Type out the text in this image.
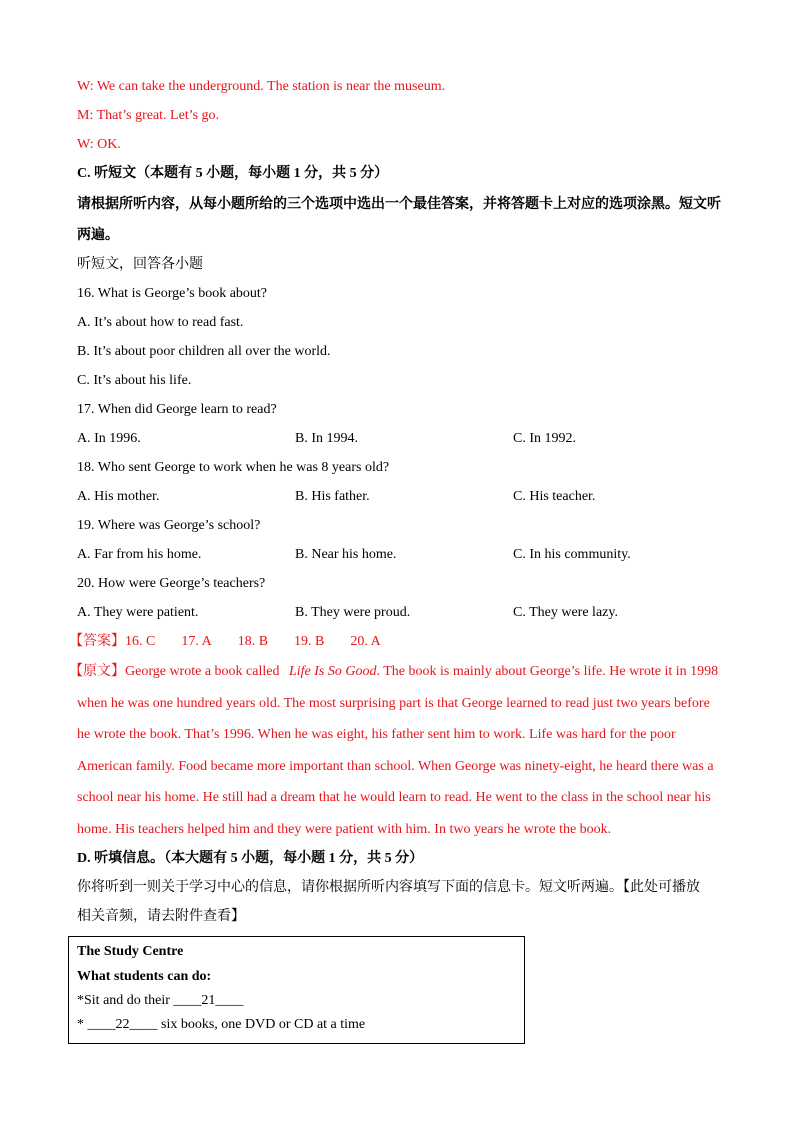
W: We can take the underground. The station is near the museum.
M: That’s great. Let’s go.
W: OK.
C. 听短文（本题有 5 小题，每小题 1 分，共 5 分）
请根据所听内容，从每小题所给的三个选项中选出一个最佳答案，并将答题卡上对应的选项涂黑。短文听
两遍。
听短文，回答各小题
16. What is George’s book about?
A. It’s about how to read fast.
B. It’s about poor children all over the world.
C. It’s about his life.
17. When did George learn to read?
A. In 1996.	B. In 1994.	C. In 1992.
18. Who sent George to work when he was 8 years old?
A. His mother.	B. His father.	C. His teacher.
19. Where was George’s school?
A. Far from his home.	B. Near his home.	C. In his community.
20. How were George’s teachers?
A. They were patient.	B. They were proud.	C. They were lazy.
【答案】16. C 17. A 18. B 19. B 20. A
【原文】George wrote a book called Life Is So Good. The book is mainly about George’s life. He wrote it in 1998 when he was one hundred years old. The most surprising part is that George learned to read just two years before he wrote the book. That’s 1996. When he was eight, his father sent him to work. Life was hard for the poor American family. Food became more important than school. When George was ninety-eight, he heard there was a school near his home. He still had a dream that he would learn to read. He went to the class in the school near his home. His teachers helped him and they were patient with him. In two years he wrote the book.
D. 听填信息。（本大题有 5 小题，每小题 1 分，共 5 分）
你将听到一则关于学习中心的信息，请你根据所听内容填写下面的信息卡。短文听两遍。【此处可播放
相关音频，请去附件查看】
The Study Centre
What students can do:
*Sit and do their ____21____
* ____22____ six books, one DVD or CD at a time
